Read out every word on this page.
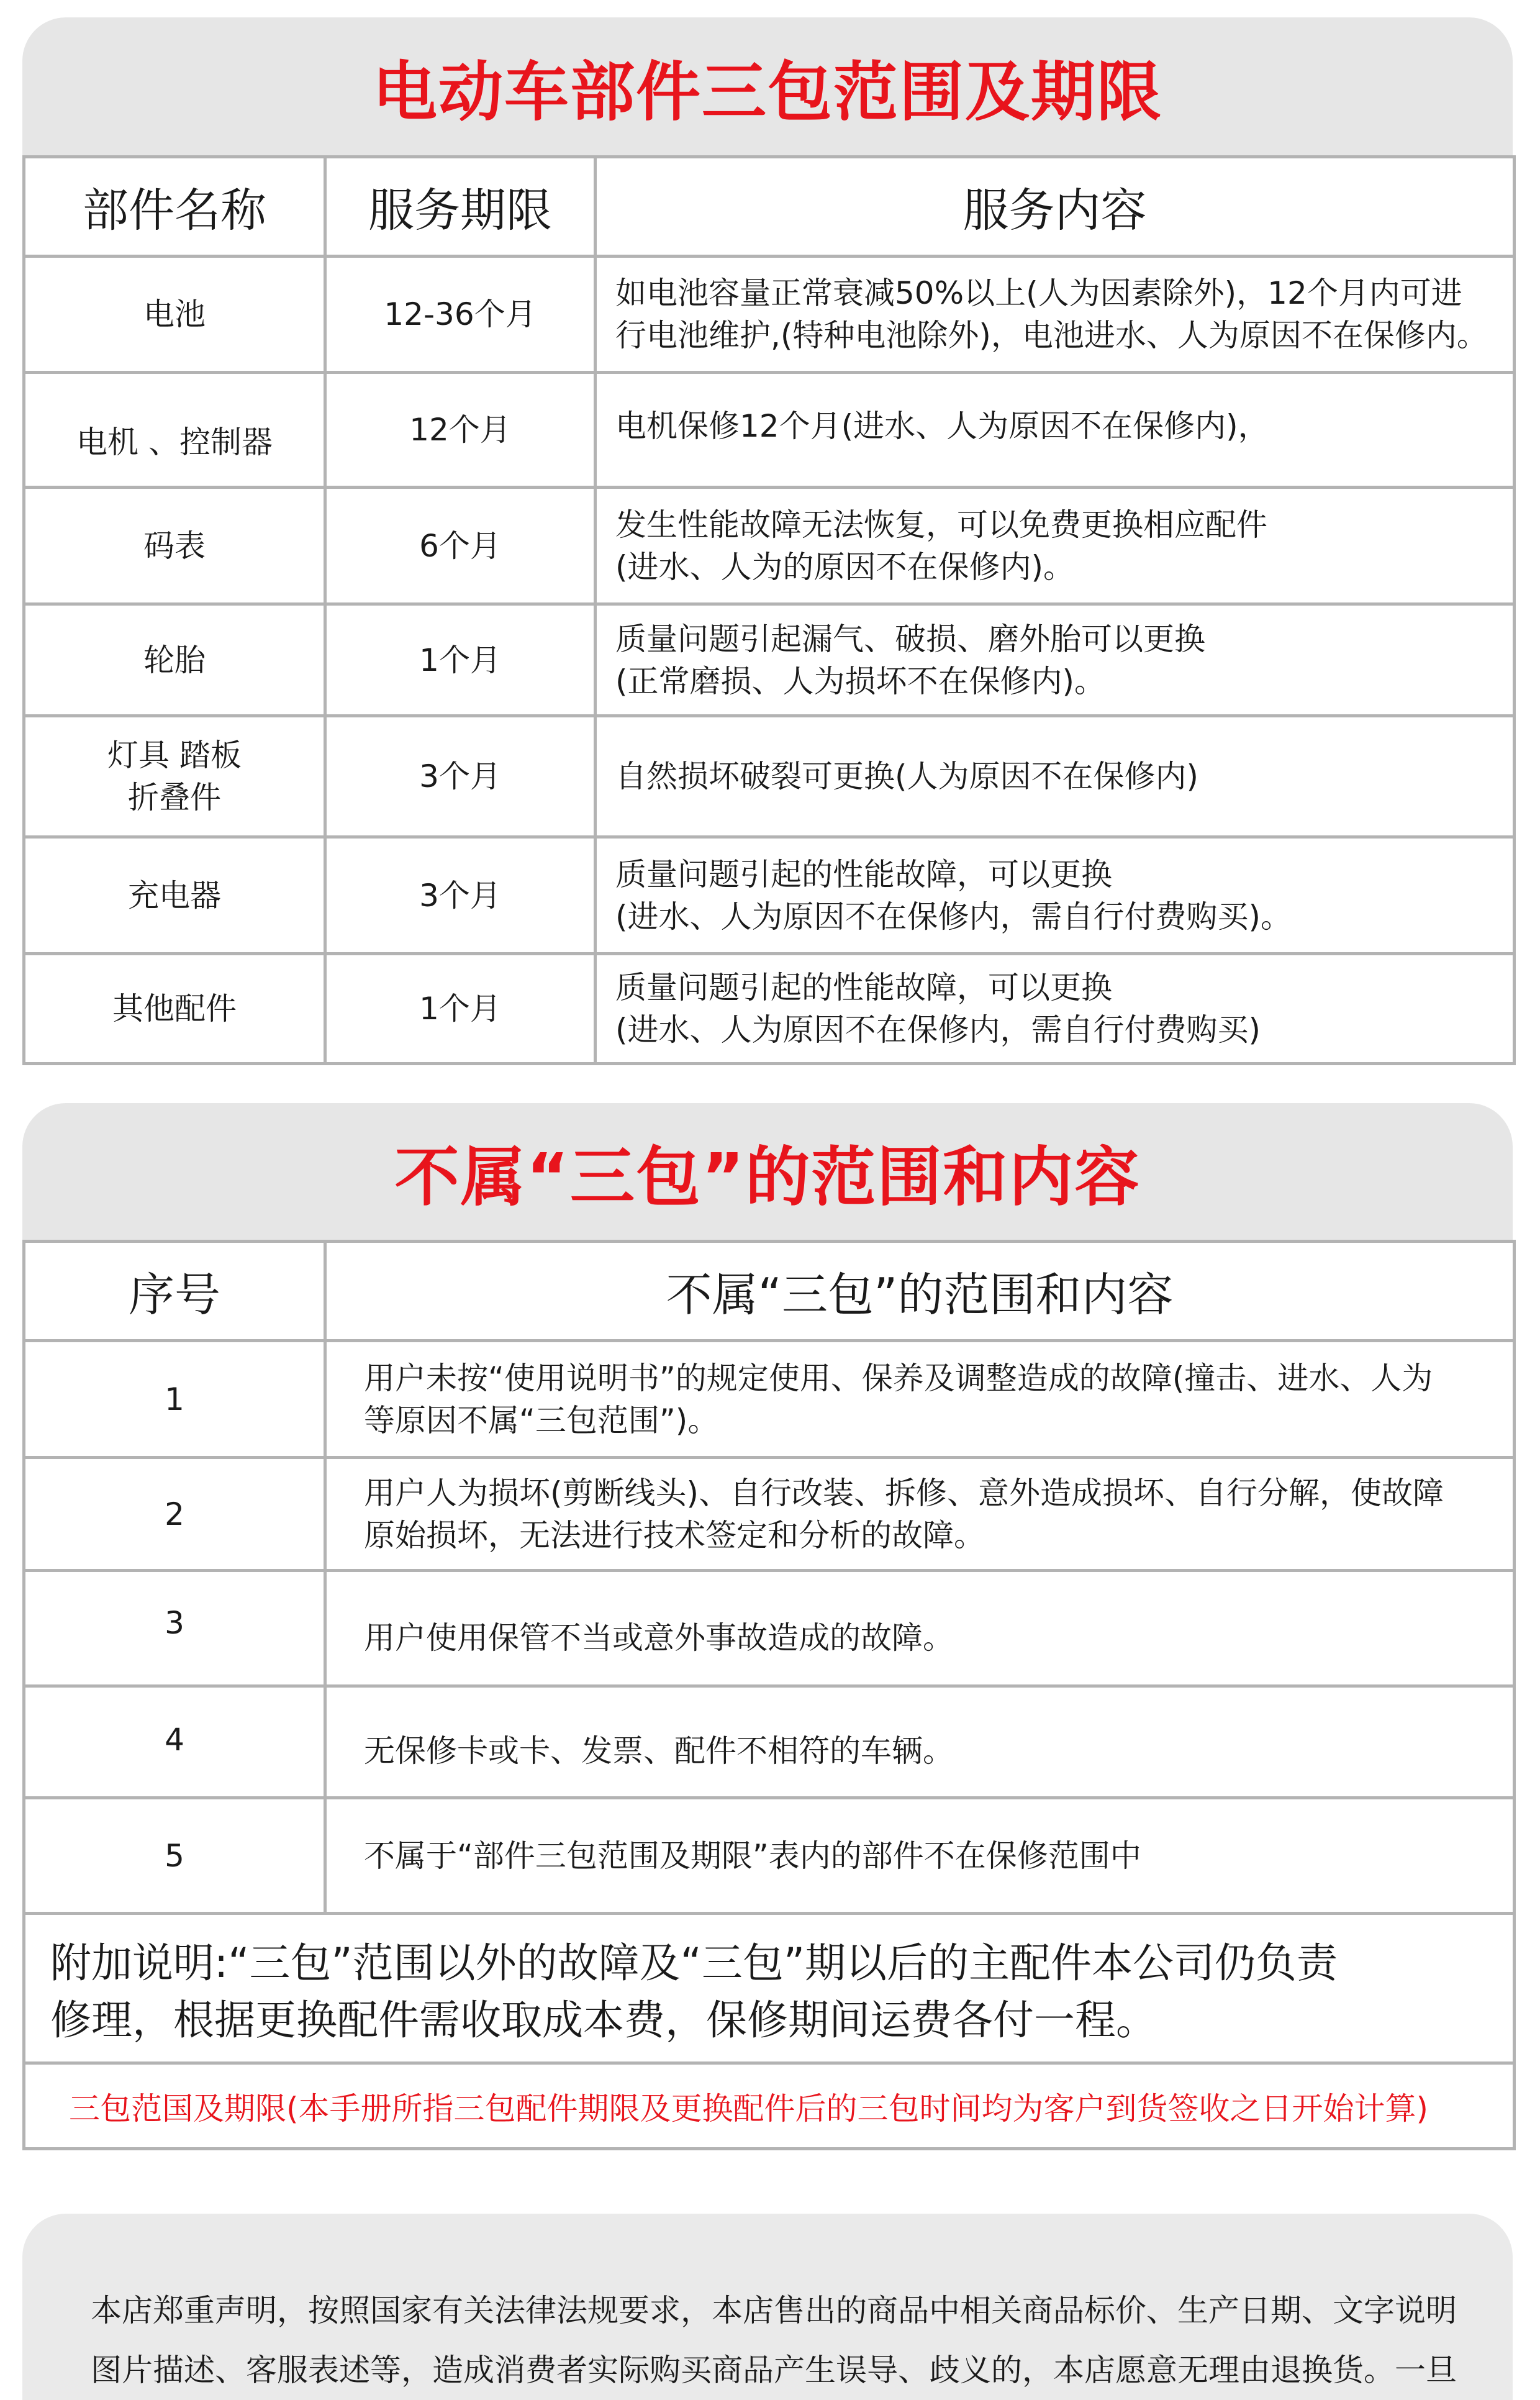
电动车部件三包范围及期限
部件名称	服务期限	服务内容
电池	12-36个月	如电池容量正常衰减50%以上(人为因素除外)，12个月内可进
行电池维护,(特种电池除外)，电池进水、人为原因不在保修内。

电机 、控制器	12个月	电机保修12个月(进水、人为原因不在保修内)，

码表	6个月	发生性能故障无法恢复，可以免费更换相应配件
(进水、人为的原因不在保修内)。

轮胎	1个月	质量问题引起漏气、破损、磨外胎可以更换
(正常磨损、人为损坏不在保修内)。

灯具 踏板
折叠件	3个月	自然损坏破裂可更换(人为原因不在保修内)

充电器	3个月	质量问题引起的性能故障，可以更换
(进水、人为原因不在保修内，需自行付费购买)。

其他配件	1个月	质量问题引起的性能故障，可以更换
(进水、人为原因不在保修内，需自行付费购买)
不属“三包”的范围和内容
序号	不属“三包”的范围和内容
1	用户未按“使用说明书”的规定使用、保养及调整造成的故障(撞击、进水、人为
等原因不属“三包范围”)。

2	用户人为损坏(剪断线头)、自行改装、拆修、意外造成损坏、自行分解，使故障
原始损坏，无法进行技术签定和分析的故障。

3	用户使用保管不当或意外事故造成的故障。

4	无保修卡或卡、发票、配件不相符的车辆。

5	不属于“部件三包范围及期限”表内的部件不在保修范围中

附加说明:“三包”范围以外的故障及“三包”期以后的主配件本公司仍负责
修理，根据更换配件需收取成本费，保修期间运费各付一程。	

三包范国及期限(本手册所指三包配件期限及更换配件后的三包时间均为客户到货签收之日开始计算)	
本店郑重声明，按照国家有关法律法规要求，本店售出的商品中相关商品标价、生产日期、文字说明
图片描述、客服表述等，造成消费者实际购买商品产生误导、歧义的，本店愿意无理由退换货。一旦
